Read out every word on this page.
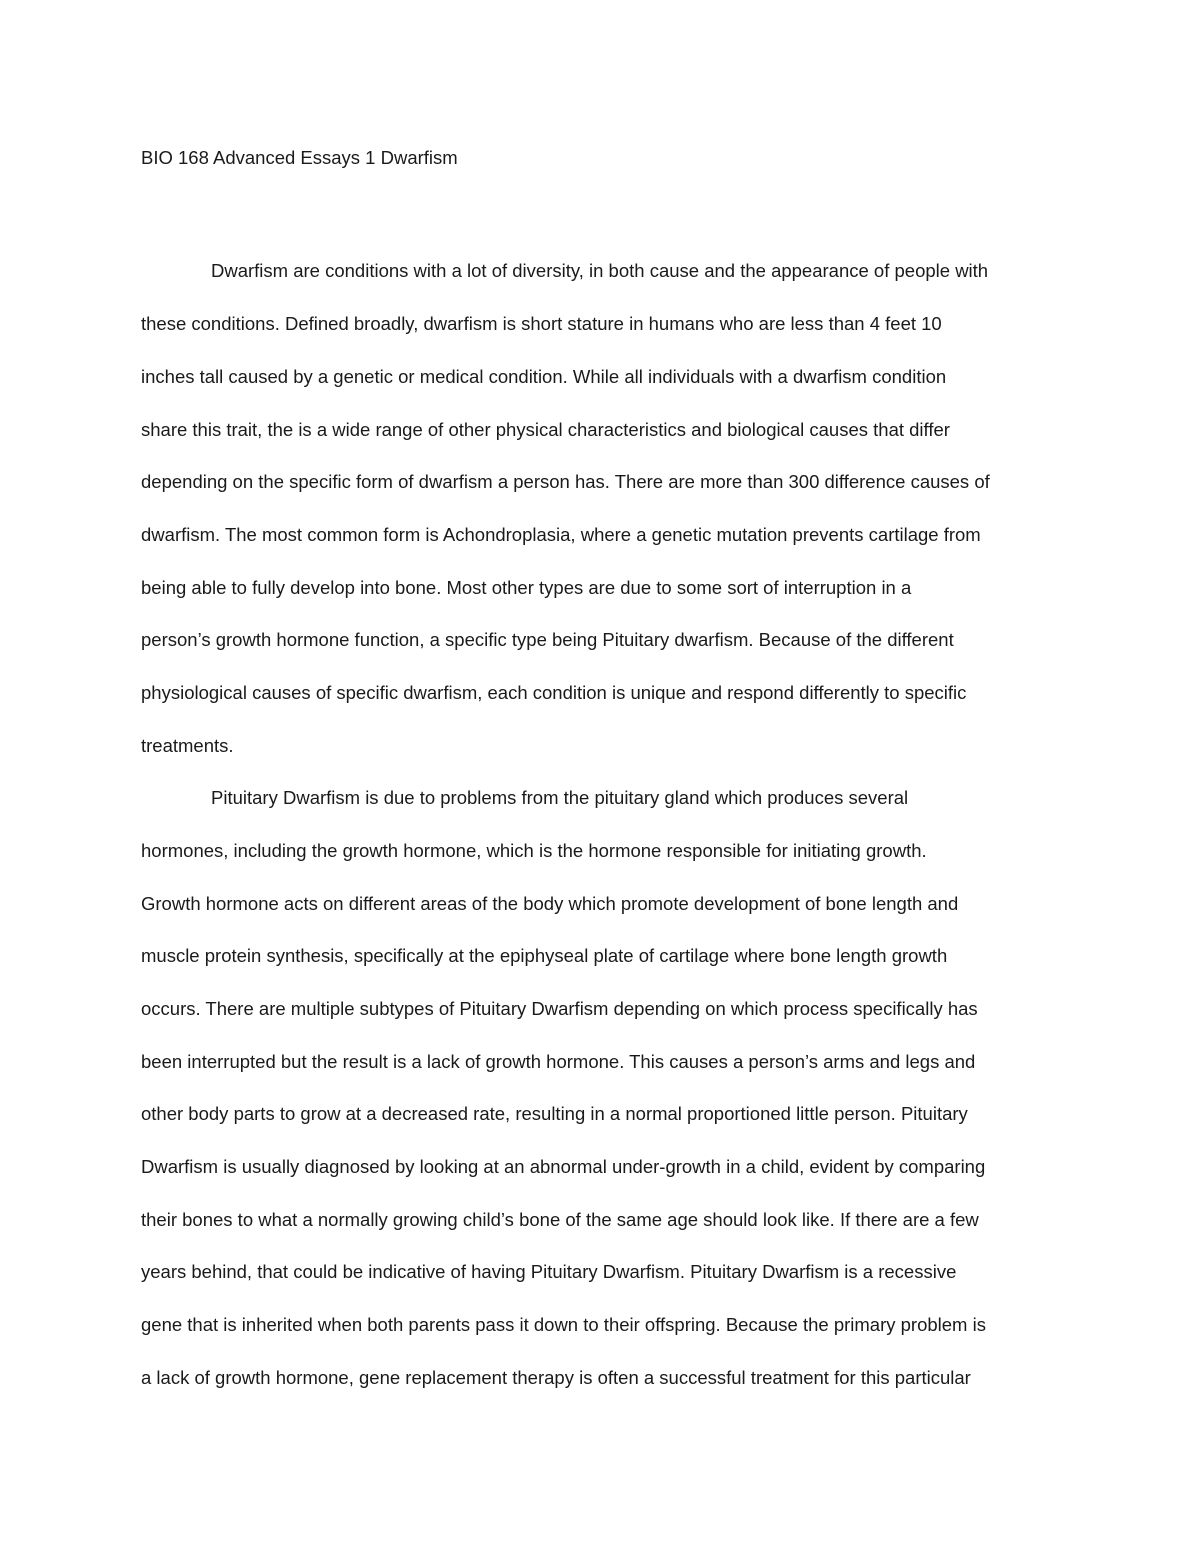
BIO 168 Advanced Essays 1 Dwarfism
Dwarfism are conditions with a lot of diversity, in both cause and the appearance of people with
these conditions. Defined broadly, dwarfism is short stature in humans who are less than 4 feet 10
inches tall caused by a genetic or medical condition. While all individuals with a dwarfism condition
share this trait, the is a wide range of other physical characteristics and biological causes that differ
depending on the specific form of dwarfism a person has. There are more than 300 difference causes of
dwarfism. The most common form is Achondroplasia, where a genetic mutation prevents cartilage from
being able to fully develop into bone. Most other types are due to some sort of interruption in a
person’s growth hormone function, a specific type being Pituitary dwarfism. Because of the different
physiological causes of specific dwarfism, each condition is unique and respond differently to specific
treatments.
Pituitary Dwarfism is due to problems from the pituitary gland which produces several
hormones, including the growth hormone, which is the hormone responsible for initiating growth.
Growth hormone acts on different areas of the body which promote development of bone length and
muscle protein synthesis, specifically at the epiphyseal plate of cartilage where bone length growth
occurs. There are multiple subtypes of Pituitary Dwarfism depending on which process specifically has
been interrupted but the result is a lack of growth hormone. This causes a person’s arms and legs and
other body parts to grow at a decreased rate, resulting in a normal proportioned little person. Pituitary
Dwarfism is usually diagnosed by looking at an abnormal under-growth in a child, evident by comparing
their bones to what a normally growing child’s bone of the same age should look like. If there are a few
years behind, that could be indicative of having Pituitary Dwarfism. Pituitary Dwarfism is a recessive
gene that is inherited when both parents pass it down to their offspring. Because the primary problem is
a lack of growth hormone, gene replacement therapy is often a successful treatment for this particular
